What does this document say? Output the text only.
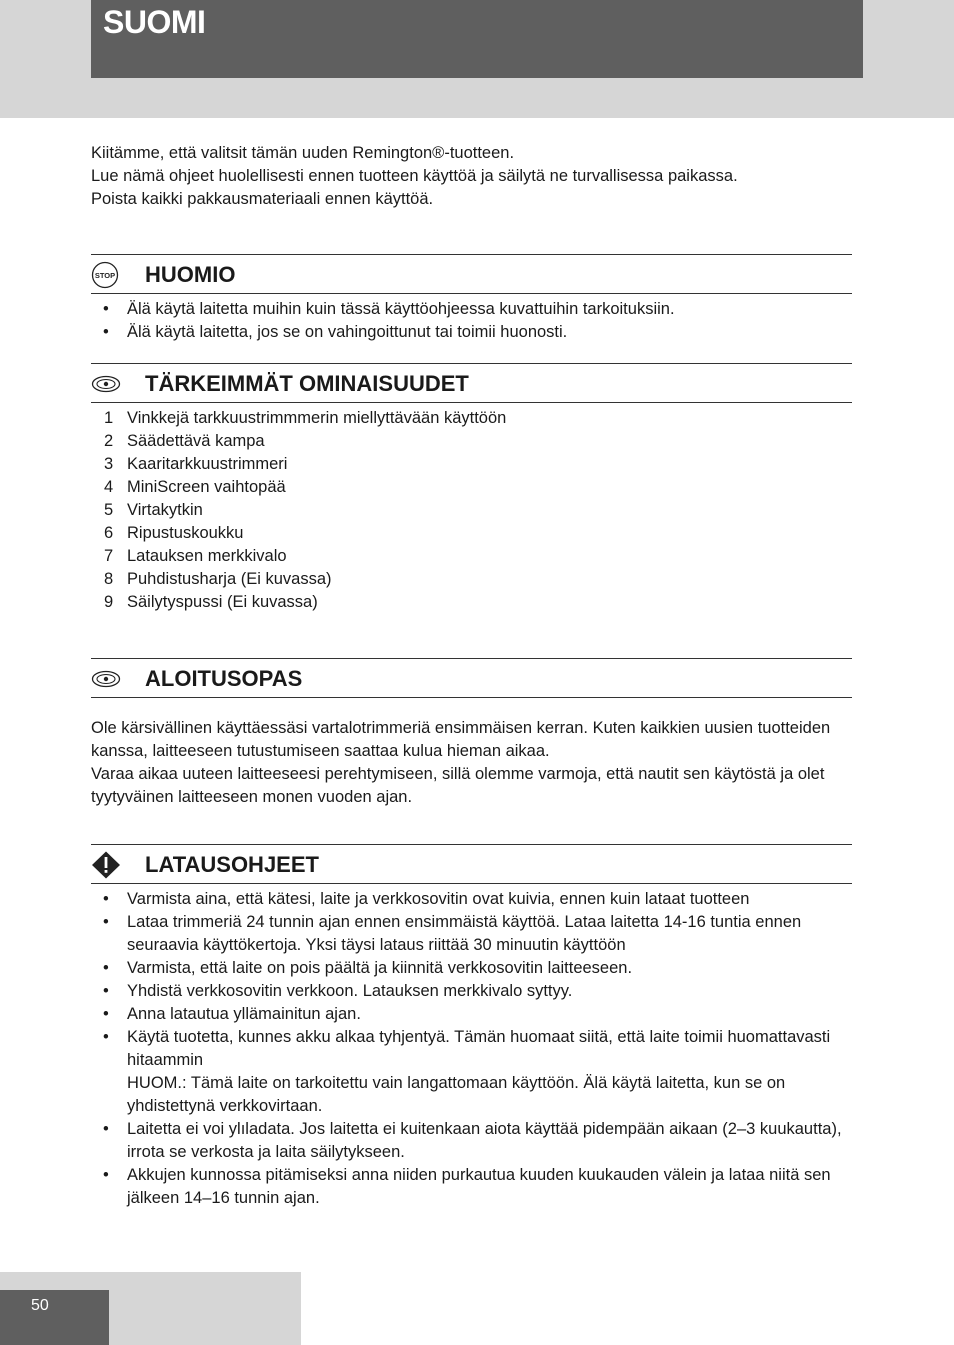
SUOMI

Kiitämme, että valitsit tämän uuden Remington®-tuotteen.

Lue nämä ohjeet huolellisesti ennen tuotteen käyttöä ja säilytä ne turvallisessa paikassa.

Poista kaikki pakkausmateriaali ennen käyttöä.

STOP HUOMIO
•	Älä käytä laitetta muihin kuin tässä käyttöohjeessa kuvattuihin tarkoituksiin.
•	Älä käytä laitetta, jos se on vahingoittunut tai toimii huonosti.
TÄRKEIMMÄT OMINAISUUDET
1 Vinkkejä tarkkuustrimmmerin miellyttävään käyttöön
2 Säädettävä kampa
3 Kaaritarkkuustrimmeri
4 MiniScreen vaihtopää
5 Virtakytkin
6 Ripustuskoukku
7 Latauksen merkkivalo
8 Puhdistusharja (Ei kuvassa)
9 Säilytyspussi (Ei kuvassa)
ALOITUSOPAS

Ole kärsivällinen käyttäessäsi vartalotrimmeriä ensimmäisen kerran. Kuten kaikkien uusien tuotteiden kanssa, laitteeseen tutustumiseen saattaa kulua hieman aikaa.

Varaa aikaa uuteen laitteeseesi perehtymiseen, sillä olemme varmoja, että nautit sen käytöstä ja olet tyytyväinen laitteeseen monen vuoden ajan.

LATAUSOHJEET
•	Varmista aina, että kätesi, laite ja verkkosovitin ovat kuivia, ennen kuin lataat tuotteen
•	Lataa trimmeriä 24 tunnin ajan ennen ensimmäistä käyttöä. Lataa laitetta 14-16 tuntia ennen seuraavia käyttökertoja. Yksi täysi lataus riittää 30 minuutin käyttöön
•	Varmista, että laite on pois päältä ja kiinnitä verkkosovitin laitteeseen.
•	Yhdistä verkkosovitin verkkoon. Latauksen merkkivalo syttyy.
•	Anna latautua yllämainitun ajan.
•	Käytä tuotetta, kunnes akku alkaa tyhjentyä. Tämän huomaat siitä, että laite toimii huomattavasti hitaammin
HUOM.: Tämä laite on tarkoitettu vain langattomaan käyttöön. Älä käytä laitetta, kun se on yhdistettynä verkkovirtaan.
•	Laitetta ei voi ylıladata. Jos laitetta ei kuitenkaan aiota käyttää pidempään aikaan (2–3 kuukautta), irrota se verkosta ja laita säilytykseen.
•	Akkujen kunnossa pitämiseksi anna niiden purkautua kuuden kuukauden välein ja lataa niitä sen jälkeen 14–16 tunnin ajan.
50
